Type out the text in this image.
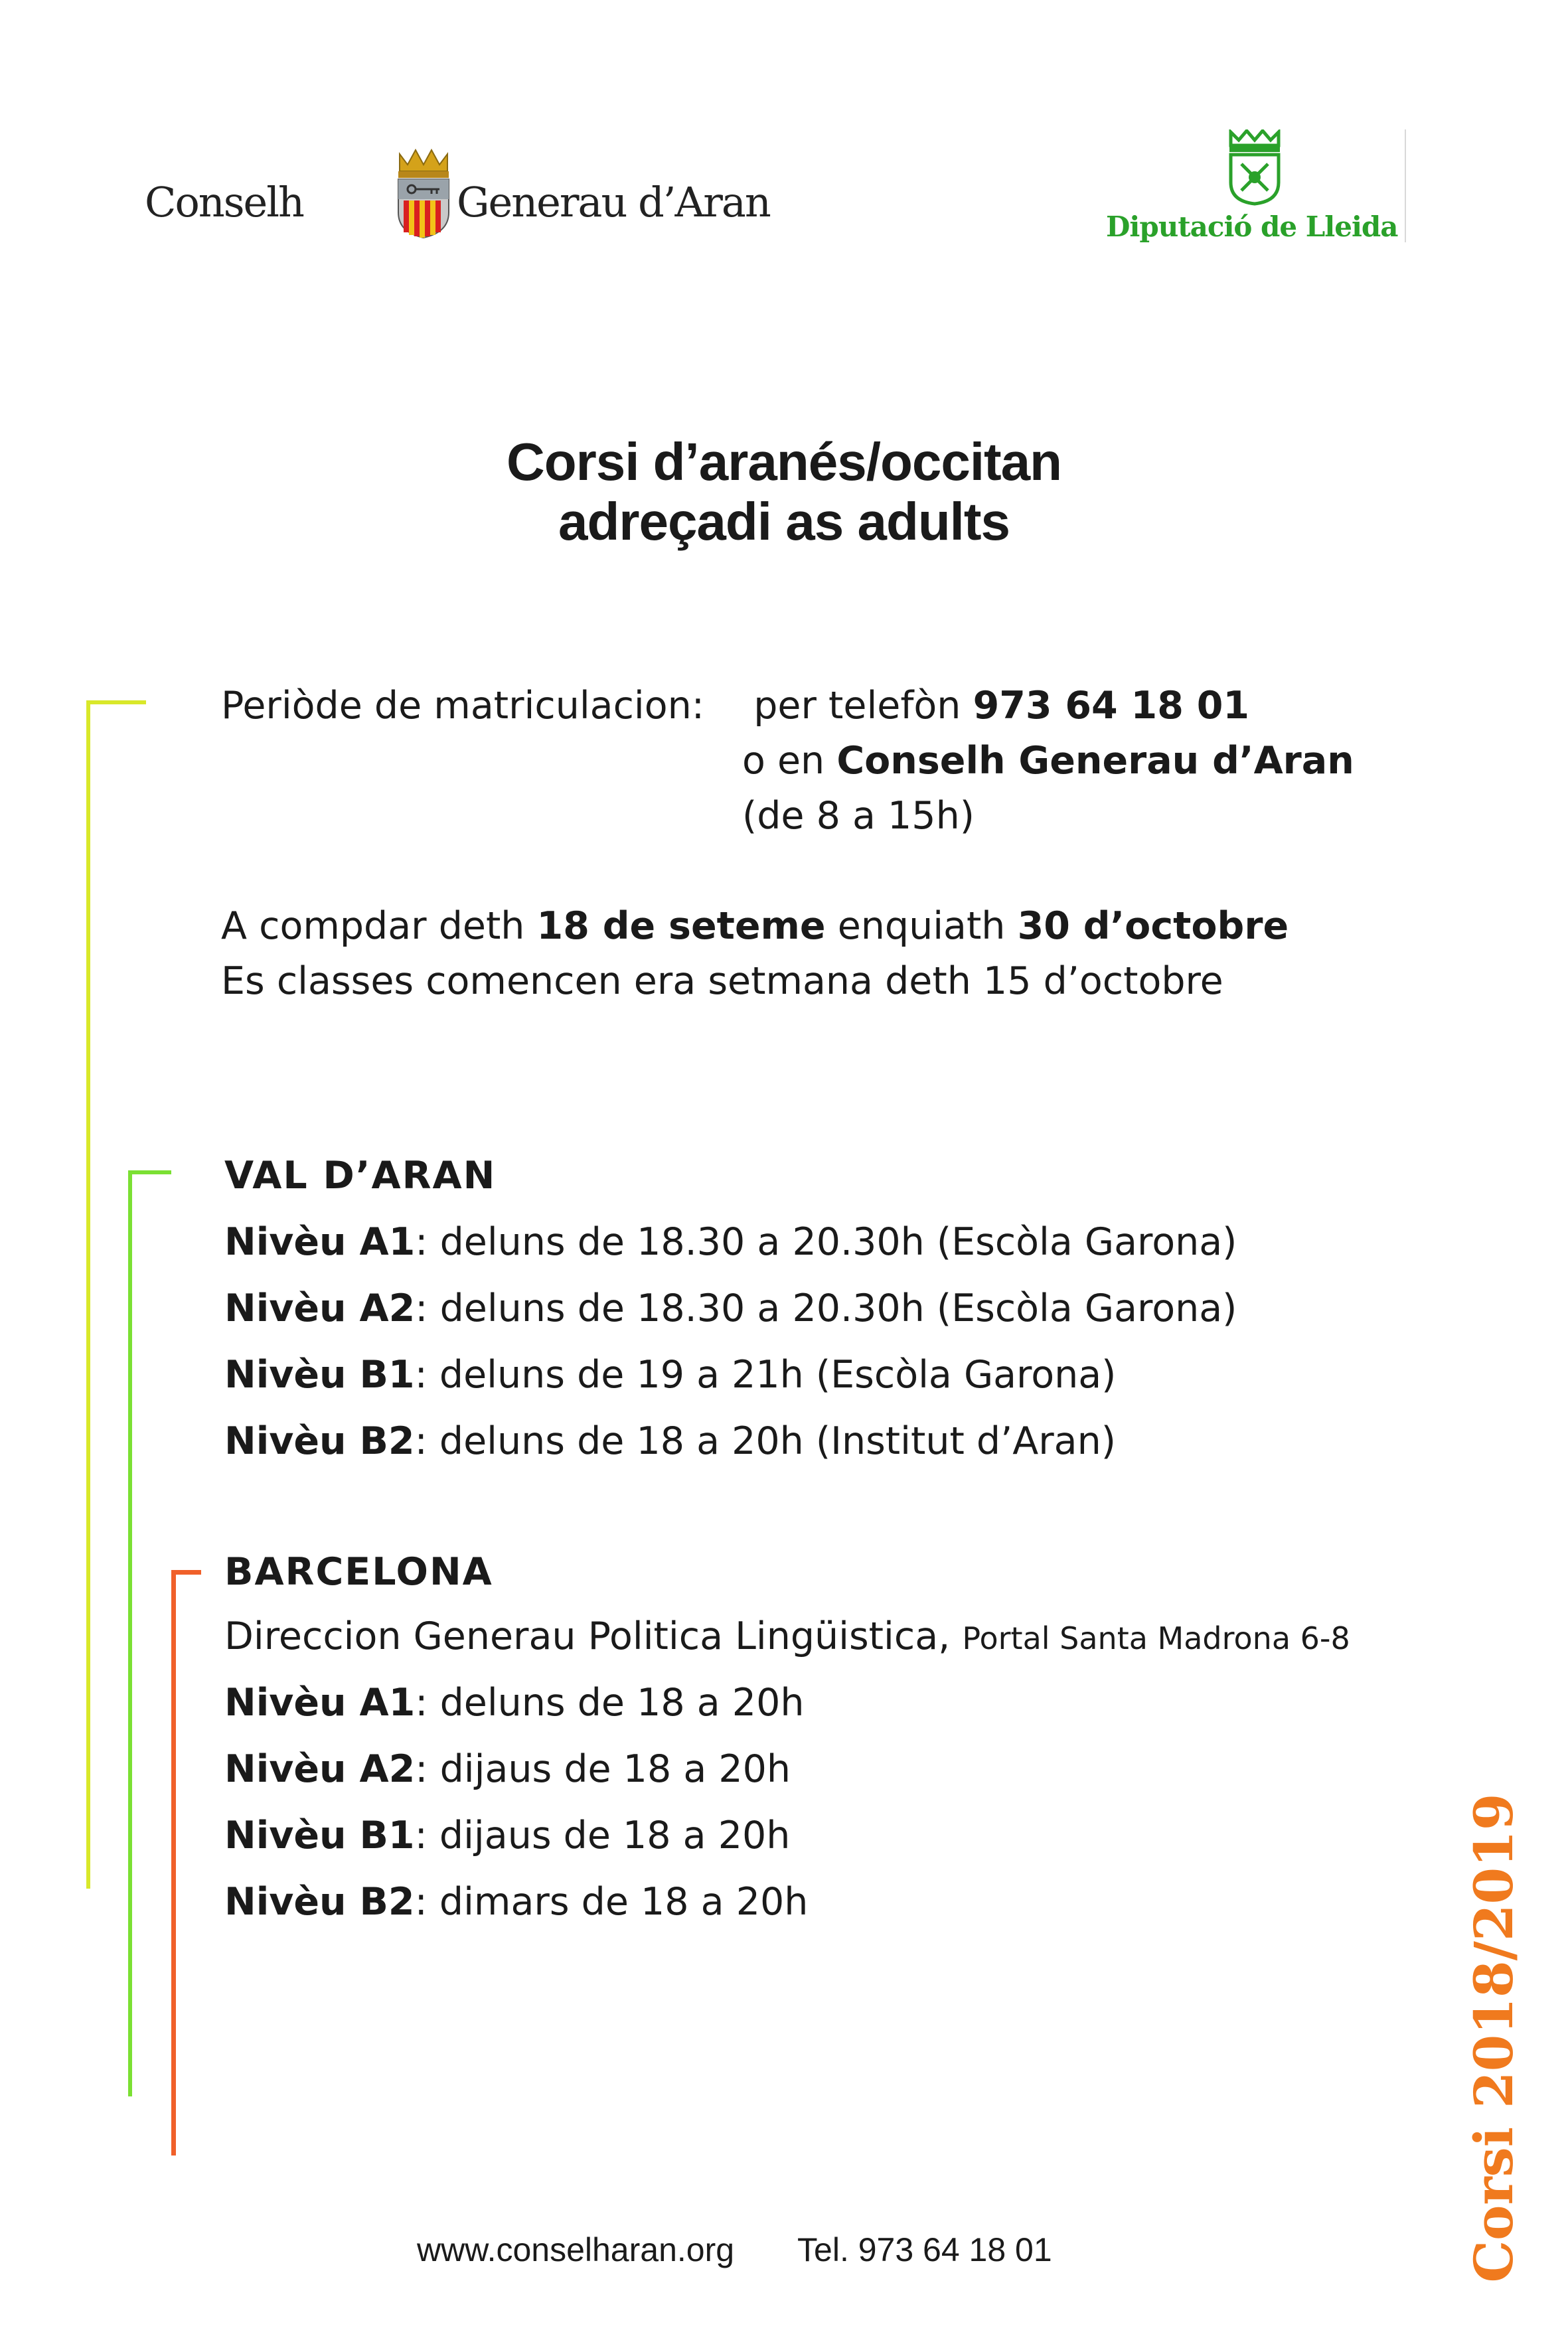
Conselh	Generau d’Aran
Diputació de Lleida
Corsi d’aranés/occitan
adreçadi as adults
Periòde de matriculacion: per telefòn 973 64 18 01
o en Conselh Generau d’Aran
(de 8 a 15h)
A compdar deth 18 de seteme enquiath 30 d’octobre
Es classes comencen era setmana deth 15 d’octobre
VAL D’ARAN
Nivèu A1: deluns de 18.30 a 20.30h (Escòla Garona)
Nivèu A2: deluns de 18.30 a 20.30h (Escòla Garona)
Nivèu B1: deluns de 19 a 21h (Escòla Garona)
Nivèu B2: deluns de 18 a 20h (Institut d’Aran)
BARCELONA
Direccion Generau Politica Lingüistica, Portal Santa Madrona 6-8
Nivèu A1: deluns de 18 a 20h
Nivèu A2: dijaus de 18 a 20h
Nivèu B1: dijaus de 18 a 20h
Nivèu B2: dimars de 18 a 20h	Corsi 2018/2019
www.conselharan.org Tel. 973 64 18 01
